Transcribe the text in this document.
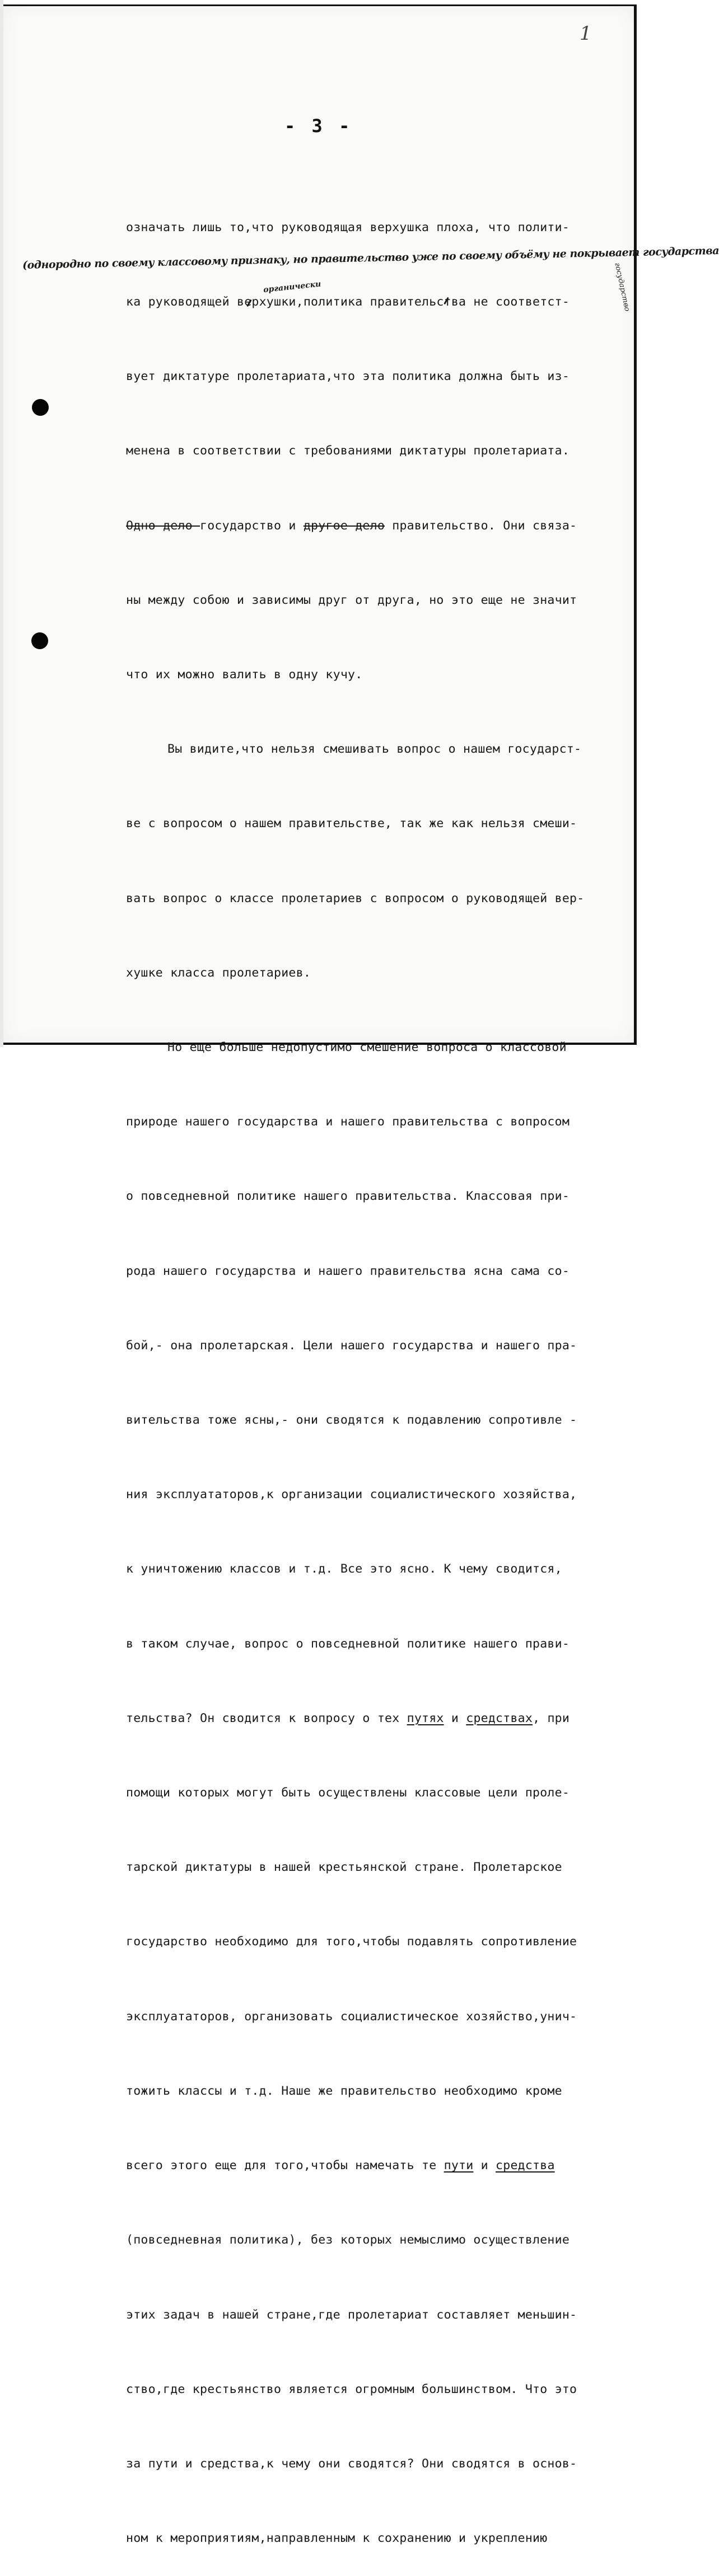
1
- 3 -
(однородно по своему классовому признаку, но правительство уже по своему объёму не покрывает государства
органически	государство

означать лишь то,что руководящая верхушка плоха, что полити-

ка руководящей верхушки,политика правительства не соответст-

вует диктатуре пролетариата,что эта политика должна быть из-

менена в соответствии с требованиями диктатуры пролетариата.

Одно дело государство и другое дело правительство. Они связа-

ны между собою и зависимы друг от друга, но это еще не значит

что их можно валить в одну кучу.

Вы видите,что нельзя смешивать вопрос о нашем государст-

ве с вопросом о нашем правительстве, так же как нельзя смеши-

вать вопрос о классе пролетариев с вопросом о руководящей вер-

хушке класса пролетариев.

Но еще больше недопустимо смешение вопроса о классовой

природе нашего государства и нашего правительства с вопросом

о повседневной политике нашего правительства. Классовая при-

рода нашего государства и нашего правительства ясна сама со-

бой,- она пролетарская. Цели нашего государства и нашего пра-

вительства тоже ясны,- они сводятся к подавлению сопротивле -

ния эксплуататоров,к организации социалистического хозяйства,

к уничтожению классов и т.д. Все это ясно. К чему сводится,

в таком случае, вопрос о повседневной политике нашего прави-

тельства? Он сводится к вопросу о тех путях и средствах, при

помощи которых могут быть осуществлены классовые цели проле-

тарской диктатуры в нашей крестьянской стране. Пролетарское

государство необходимо для того,чтобы подавлять сопротивление

эксплуататоров, организовать социалистическое хозяйство,унич-

тожить классы и т.д. Наше же правительство необходимо кроме

всего этого еще для того,чтобы намечать те пути и средства

(повседневная политика), без которых немыслимо осуществление

этих задач в нашей стране,где пролетариат составляет меньшин-

ство,где крестьянство является огромным большинством. Что это

за пути и средства,к чему они сводятся? Они сводятся в основ-

ном к мероприятиям,направленным к сохранению и укреплению
